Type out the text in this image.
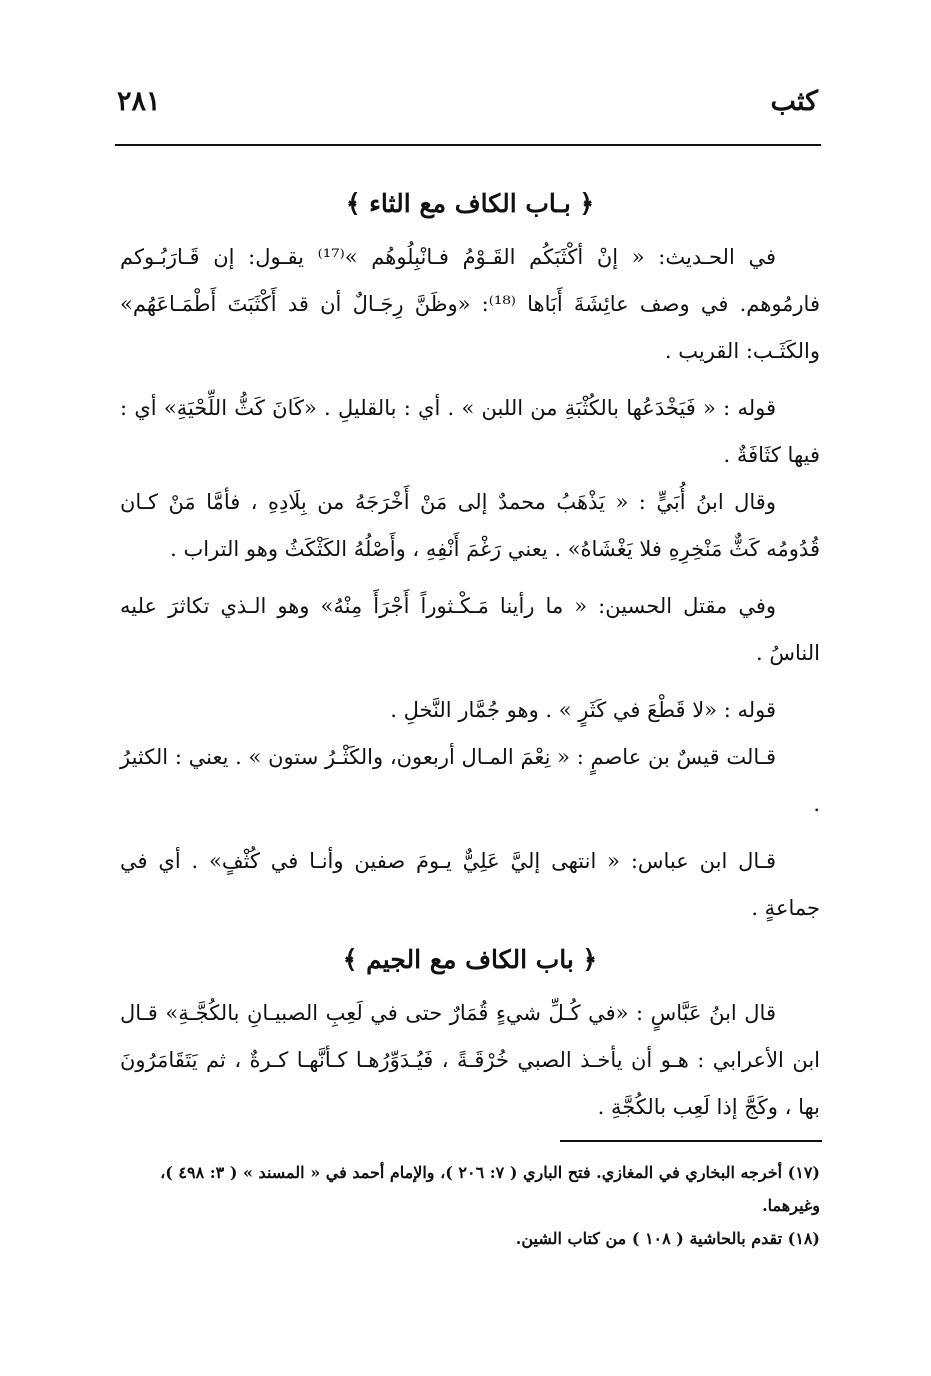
كثب
٢٨١
﴿ بـاب الكاف مع الثاء ﴾

في الحـديث: « إنْ أكْثَبَكُم القَـوْمُ فـانْبِلُوهُم »⁽¹⁷⁾ يقـول: إن قَـارَبُـوكم فارمُوهم. في وصف عائِشَةَ أَبَاها ⁽¹⁸⁾: «وظَنَّ رِجَـالٌ أن قد أَكْثَبَتَ أَطْمَـاعَهُم» والكَثَـب: القريب .

قوله : « فَيَخْدَعُها بالكُثْبَةِ من اللبن » . أي : بالقليلِ . «كَانَ كَثُّ اللِّحْيَةِ» أي : فيها كثَافَةٌ .

وقال ابنُ أُبَيٍّ : « يَذْهَبُ محمدٌ إلى مَنْ أَخْرَجَهُ من بِلَادِهِ ، فأمَّا مَنْ كـان قُدُومُه كَثٌّ مَنْخِرِهِ فلا يَغْشَاهُ» . يعني رَغْمَ أَنْفِهِ ، وأَصْلُهُ الكَثْكَثُ وهو التراب .

وفي مقتل الحسين: « ما رأينا مَـكْـثوراً أَجْرَأَ مِنْهُ» وهو الـذي تكاثرَ عليه الناسُ .

قوله : «لا قَطْعَ في كَثَرٍ » . وهو جُمَّار النَّخلِ .

قـالت قيسٌ بن عاصمٍ : « نِعْمَ المـال أربعون، والكَثْـرُ ستون » . يعني : الكثيرُ .

قـال ابن عباس: « انتهى إليَّ عَلِيٌّ يـومَ صفين وأنـا في كُثْفٍ» . أي في جماعةٍ .

﴿ باب الكاف مع الجيم ﴾

قال ابنُ عَبَّاسٍ : «في كُـلِّ شيءٍ قُمَارٌ حتى في لَعِبِ الصبيـانِ بالكُجَّـةِ» قـال ابن الأعرابي : هـو أن يأخـذ الصبي خُرْقَـةً ، فَيُـدَوِّرُهـا كـأنَّهـا كـرةٌ ، ثم يَتَقَامَرُونَ بها ، وكَجَّ إذا لَعِب بالكُجَّةِ .

(١٧) أخرجه البخاري في المغازي. فتح الباري ( ٧: ٢٠٦ )، والإمام أحمد في « المسند » ( ٣: ٤٩٨ )، وغيرهما.

(١٨) تقدم بالحاشية ( ١٠٨ ) من كتاب الشين.
